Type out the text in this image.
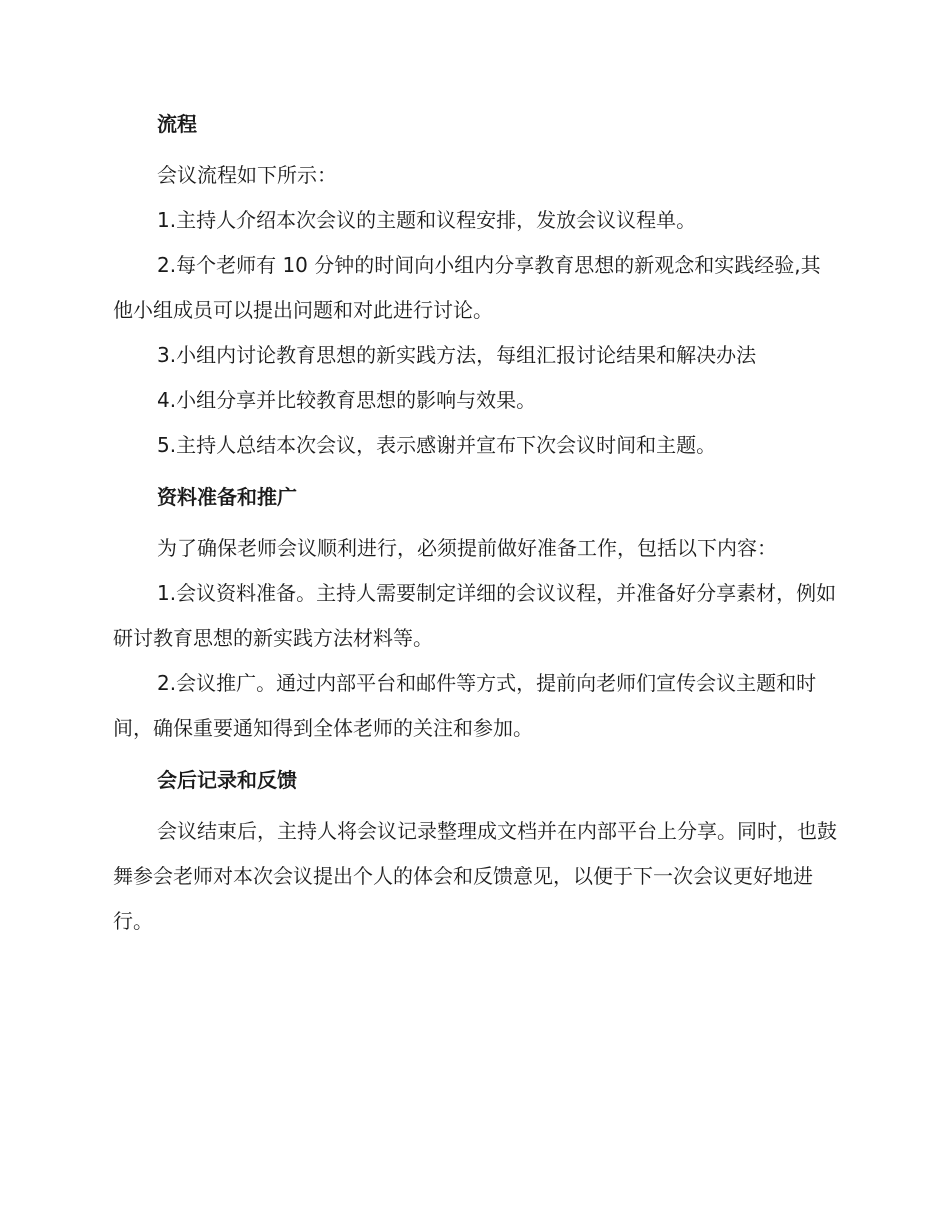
流程

会议流程如下所示：

1.主持人介绍本次会议的主题和议程安排，发放会议议程单。

2.每个老师有 10 分钟的时间向小组内分享教育思想的新观念和实践经验,其他小组成员可以提出问题和对此进行讨论。

3.小组内讨论教育思想的新实践方法，每组汇报讨论结果和解决办法

4.小组分享并比较教育思想的影响与效果。

5.主持人总结本次会议，表示感谢并宣布下次会议时间和主题。

资料准备和推广

为了确保老师会议顺利进行，必须提前做好准备工作，包括以下内容：

1.会议资料准备。主持人需要制定详细的会议议程，并准备好分享素材，例如研讨教育思想的新实践方法材料等。

2.会议推广。通过内部平台和邮件等方式，提前向老师们宣传会议主题和时间，确保重要通知得到全体老师的关注和参加。

会后记录和反馈

会议结束后，主持人将会议记录整理成文档并在内部平台上分享。同时，也鼓舞参会老师对本次会议提出个人的体会和反馈意见，以便于下一次会议更好地进行。
